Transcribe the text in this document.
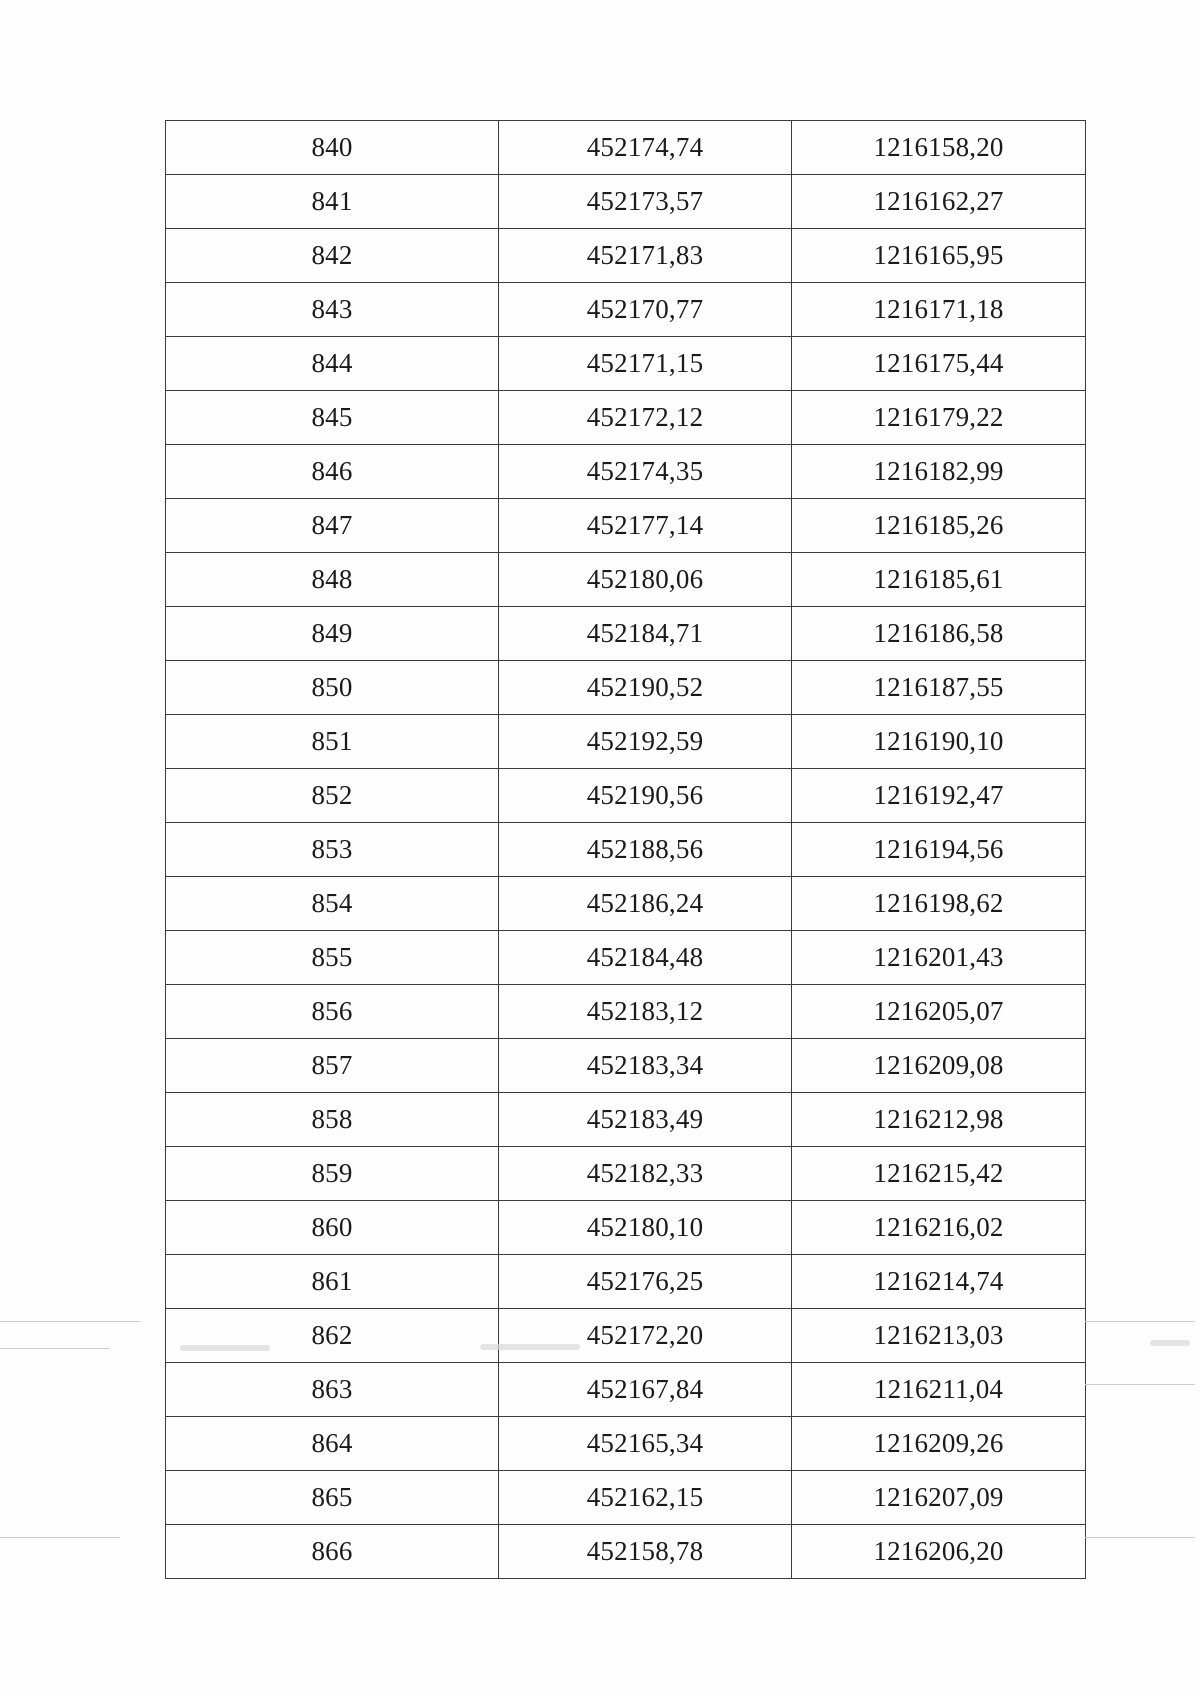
840	452174,74	1216158,20
841	452173,57	1216162,27
842	452171,83	1216165,95
843	452170,77	1216171,18
844	452171,15	1216175,44
845	452172,12	1216179,22
846	452174,35	1216182,99
847	452177,14	1216185,26
848	452180,06	1216185,61
849	452184,71	1216186,58
850	452190,52	1216187,55
851	452192,59	1216190,10
852	452190,56	1216192,47
853	452188,56	1216194,56
854	452186,24	1216198,62
855	452184,48	1216201,43
856	452183,12	1216205,07
857	452183,34	1216209,08
858	452183,49	1216212,98
859	452182,33	1216215,42
860	452180,10	1216216,02
861	452176,25	1216214,74
862	452172,20	1216213,03
863	452167,84	1216211,04
864	452165,34	1216209,26
865	452162,15	1216207,09
866	452158,78	1216206,20
